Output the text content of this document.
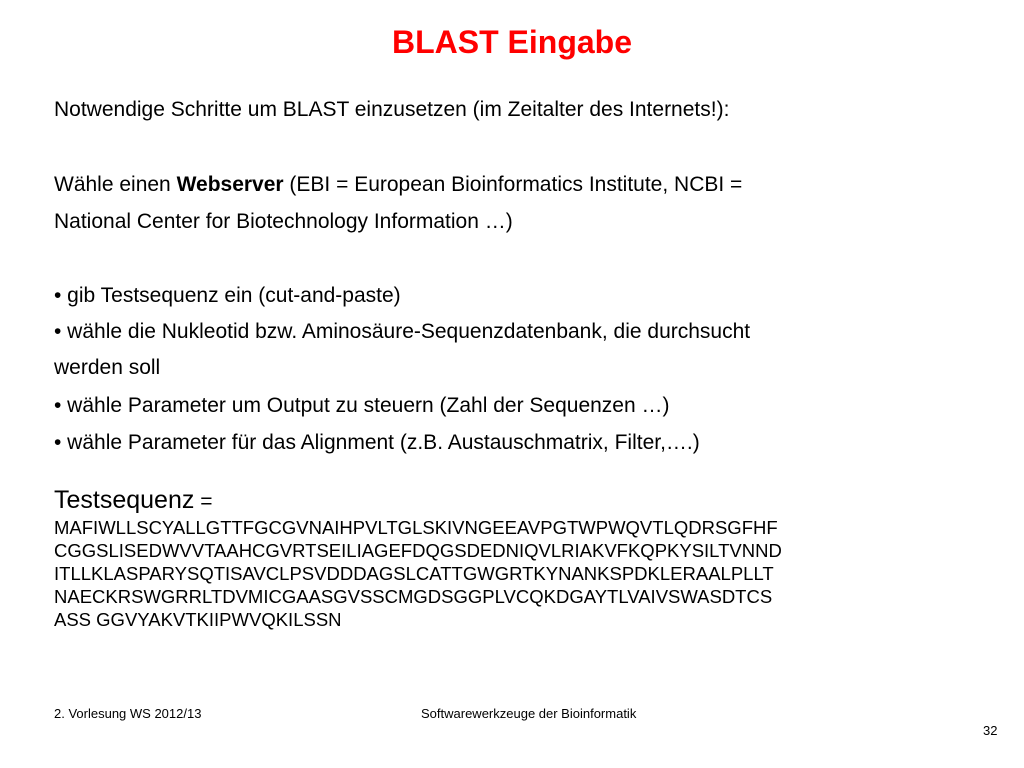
BLAST Eingabe
Notwendige Schritte um BLAST einzusetzen (im Zeitalter des Internets!):
Wähle einen Webserver (EBI = European Bioinformatics Institute, NCBI =
National Center for Biotechnology Information …)
• gib Testsequenz ein (cut-and-paste)
• wähle die Nukleotid bzw. Aminosäure-Sequenzdatenbank, die durchsucht
werden soll
• wähle Parameter um Output zu steuern (Zahl der Sequenzen …)
• wähle Parameter für das Alignment (z.B. Austauschmatrix, Filter,….)
Testsequenz =
MAFIWLLSCYALLGTTFGCGVNAIHPVLTGLSKIVNGEEAVPGTWPWQVTLQDRSGFHF
CGGSLISEDWVVTAAHCGVRTSEILIAGEFDQGSDEDNIQVLRIAKVFKQPKYSILTVNND
ITLLKLASPARYSQTISAVCLPSVDDDAGSLCATTGWGRTKYNANKSPDKLERAALPLLT
NAECKRSWGRRLTDVMICGAASGVSSCMGDSGGPLVCQKDGAYTLVAIVSWASDTCS
ASS GGVYAKVTKIIPWVQKILSSN
2. Vorlesung WS 2012/13	Softwarewerkzeuge der Bioinformatik
32
